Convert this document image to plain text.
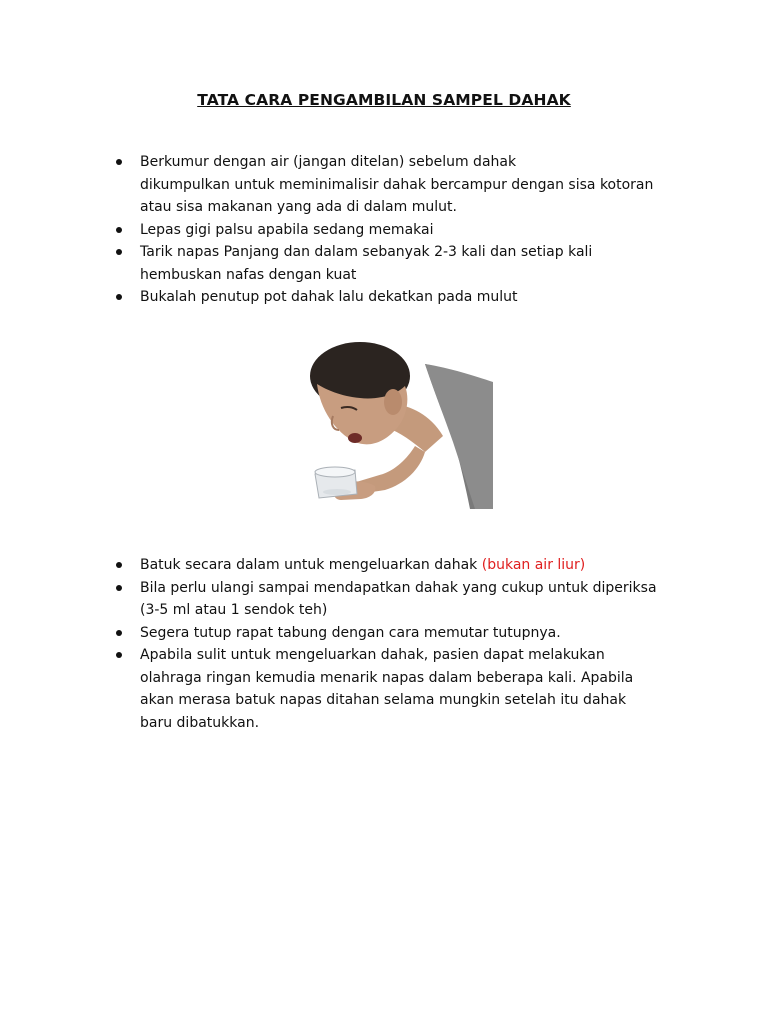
TATA CARA PENGAMBILAN SAMPEL DAHAK
Berkumur dengan air (jangan ditelan) sebelum dahak
dikumpulkan untuk meminimalisir dahak bercampur dengan sisa kotoran
atau sisa makanan yang ada di dalam mulut.
Lepas gigi palsu apabila sedang memakai
Tarik napas Panjang dan dalam sebanyak 2-3 kali dan setiap kali
hembuskan nafas dengan kuat
Bukalah penutup pot dahak lalu dekatkan pada mulut
Batuk secara dalam untuk mengeluarkan dahak (bukan air liur)
Bila perlu ulangi sampai mendapatkan dahak yang cukup untuk diperiksa
(3-5 ml atau 1 sendok teh)
Segera tutup rapat tabung dengan cara memutar tutupnya.
Apabila sulit untuk mengeluarkan dahak, pasien dapat melakukan
olahraga ringan kemudia menarik napas dalam beberapa kali. Apabila
akan merasa batuk napas ditahan selama mungkin setelah itu dahak
baru dibatukkan.
